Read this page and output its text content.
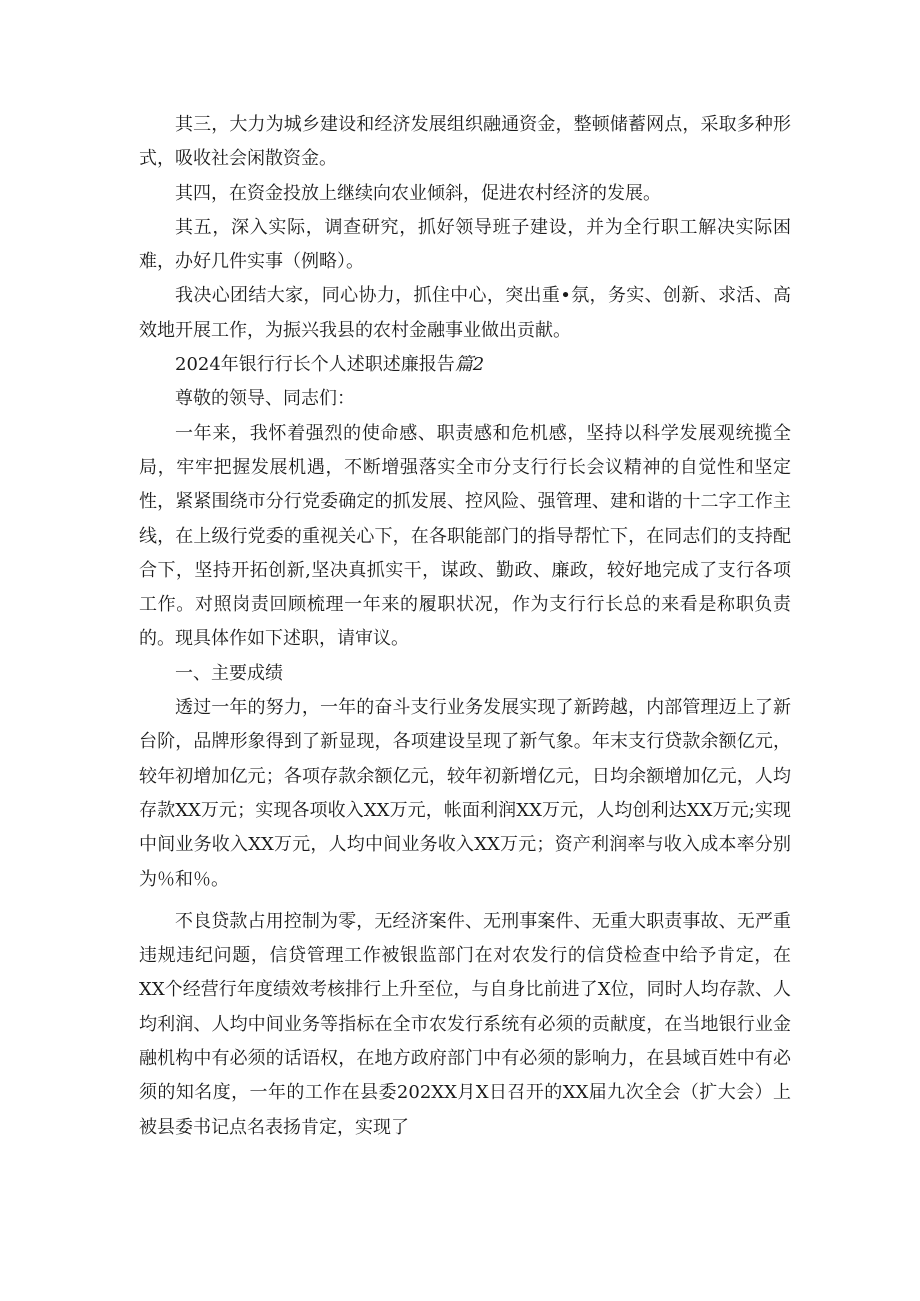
其三，大力为城乡建设和经济发展组织融通资金，整顿储蓄网点，采取多种形式，吸收社会闲散资金。

其四，在资金投放上继续向农业倾斜，促进农村经济的发展。

其五，深入实际，调查研究，抓好领导班子建设，并为全行职工解决实际困难，办好几件实事（例略）。

我决心团结大家，同心协力，抓住中心，突出重•氛，务实、创新、求活、高效地开展工作，为振兴我县的农村金融事业做出贡献。

2024年银行行长个人述职述廉报告篇2

尊敬的领导、同志们：

一年来，我怀着强烈的使命感、职责感和危机感，坚持以科学发展观统揽全局，牢牢把握发展机遇，不断增强落实全市分支行行长会议精神的自觉性和坚定性，紧紧围绕市分行党委确定的抓发展、控风险、强管理、建和谐的十二字工作主线，在上级行党委的重视关心下，在各职能部门的指导帮忙下，在同志们的支持配合下，坚持开拓创新,坚决真抓实干，谋政、勤政、廉政，较好地完成了支行各项工作。对照岗责回顾梳理一年来的履职状况，作为支行行长总的来看是称职负责的。现具体作如下述职，请审议。

一、主要成绩

透过一年的努力，一年的奋斗支行业务发展实现了新跨越，内部管理迈上了新台阶，品牌形象得到了新显现，各项建设呈现了新气象。年末支行贷款余额亿元，较年初增加亿元；各项存款余额亿元，较年初新增亿元，日均余额增加亿元，人均存款XX万元；实现各项收入XX万元，帐面利润XX万元，人均创利达XX万元;实现中间业务收入XX万元，人均中间业务收入XX万元；资产利润率与收入成本率分别为％和％。

不良贷款占用控制为零，无经济案件、无刑事案件、无重大职责事故、无严重违规违纪问题，信贷管理工作被银监部门在对农发行的信贷检查中给予肯定，在XX个经营行年度绩效考核排行上升至位，与自身比前进了X位，同时人均存款、人均利润、人均中间业务等指标在全市农发行系统有必须的贡献度，在当地银行业金融机构中有必须的话语权，在地方政府部门中有必须的影响力，在县域百姓中有必须的知名度，一年的工作在县委202XX月X日召开的XX届九次全会（扩大会）上被县委书记点名表扬肯定，实现了
